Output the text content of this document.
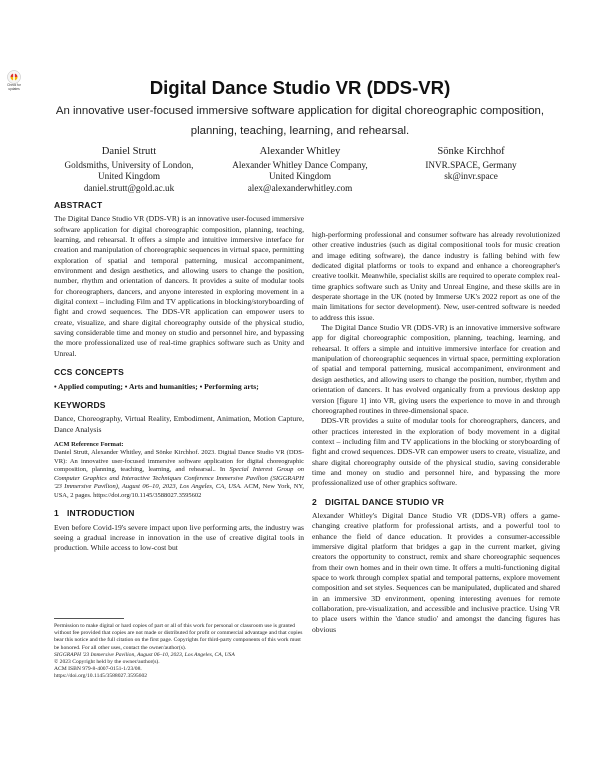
Check for
updates	Digital Dance Studio VR (DDS-VR)
An innovative user-focused immersive software application for digital choreographic composition, planning, teaching, learning, and rehearsal.
Daniel Strutt
Goldsmiths, University of London,
United Kingdom
daniel.strutt@gold.ac.uk
Alexander Whitley
Alexander Whitley Dance Company,
United Kingdom
alex@alexanderwhitley.com
Sönke Kirchhof
INVR.SPACE, Germany
sk@invr.space
ABSTRACT

The Digital Dance Studio VR (DDS-VR) is an innovative user-focused immersive software application for digital choreographic composition, planning, teaching, learning, and rehearsal. It offers a simple and intuitive immersive interface for creation and manipulation of choreographic sequences in virtual space, permitting exploration of spatial and temporal patterning, musical accompaniment, environment and design aesthetics, and allowing users to change the position, number, rhythm and orientation of dancers. It provides a suite of modular tools for choreographers, dancers, and anyone interested in exploring movement in a digital context – including Film and TV applications in blocking/storyboarding of fight and crowd sequences. The DDS-VR application can empower users to create, visualize, and share digital choreography outside of the physical studio, saving considerable time and money on studio and personnel hire, and bypassing the more professionalized use of real-time graphics software such as Unity and Unreal.

CCS CONCEPTS

• Applied computing; • Arts and humanities; • Performing arts;

KEYWORDS

Dance, Choreography, Virtual Reality, Embodiment, Animation, Motion Capture, Dance Analysis

ACM Reference Format:

Daniel Strutt, Alexander Whitley, and Sönke Kirchhof. 2023. Digital Dance Studio VR (DDS-VR): An innovative user-focused immersive software application for digital choreographic composition, planning, teaching, learning, and rehearsal.. In Special Interest Group on Computer Graphics and Interactive Techniques Conference Immersive Pavilion (SIGGRAPH '23 Immersive Pavilion), August 06–10, 2023, Los Angeles, CA, USA. ACM, New York, NY, USA, 2 pages. https://doi.org/10.1145/3588027.3595602

1 INTRODUCTION

Even before Covid-19's severe impact upon live performing arts, the industry was seeing a gradual increase in innovation in the use of creative digital tools in production. While access to low-cost but

Permission to make digital or hard copies of part or all of this work for personal or classroom use is granted without fee provided that copies are not made or distributed for profit or commercial advantage and that copies bear this notice and the full citation on the first page. Copyrights for third-party components of this work must be honored. For all other uses, contact the owner/author(s).

SIGGRAPH '23 Immersive Pavilion, August 06–10, 2023, Los Angeles, CA, USA

© 2023 Copyright held by the owner/author(s).

ACM ISBN 979-8-4007-0151-1/23/08.

https://doi.org/10.1145/3588027.3595602

high-performing professional and consumer software has already revolutionized other creative industries (such as digital compositional tools for music creation and image editing software), the dance industry is falling behind with few dedicated digital platforms or tools to expand and enhance a choreographer's creative toolkit. Meanwhile, specialist skills are required to operate complex real-time graphics software such as Unity and Unreal Engine, and these skills are in desperate shortage in the UK (noted by Immerse UK's 2022 report as one of the main limitations for sector development). New, user-centred software is needed to address this issue.

The Digital Dance Studio VR (DDS-VR) is an innovative immersive software app for digital choreographic composition, planning, teaching, learning, and rehearsal. It offers a simple and intuitive immersive interface for creation and manipulation of choreographic sequences in virtual space, permitting exploration of spatial and temporal patterning, musical accompaniment, environment and design aesthetics, and allowing users to change the position, number, rhythm and orientation of dancers. It has evolved organically from a previous desktop app version [figure 1] into VR, giving users the experience to move in and through choreographed routines in three-dimensional space.

DDS-VR provides a suite of modular tools for choreographers, dancers, and other practices interested in the exploration of body movement in a digital context – including film and TV applications in the blocking or storyboarding of fight and crowd sequences. DDS-VR can empower users to create, visualize, and share digital choreography outside of the physical studio, saving considerable time and money on studio and personnel hire, and bypassing the more professionalized use of other graphics software.

2 DIGITAL DANCE STUDIO VR

Alexander Whitley's Digital Dance Studio VR (DDS-VR) offers a game-changing creative platform for professional artists, and a powerful tool to enhance the field of dance education. It provides a consumer-accessible immersive digital platform that bridges a gap in the current market, giving creators the opportunity to construct, remix and share choreographic sequences from their own homes and in their own time. It offers a multi-functioning digital space to work through complex spatial and temporal patterns, explore movement composition and set styles. Sequences can be manipulated, duplicated and shared in an immersive 3D environment, opening interesting avenues for remote collaboration, pre-visualization, and accessible and inclusive practice. Using VR to place users within the 'dance studio' and amongst the dancing figures has obvious
